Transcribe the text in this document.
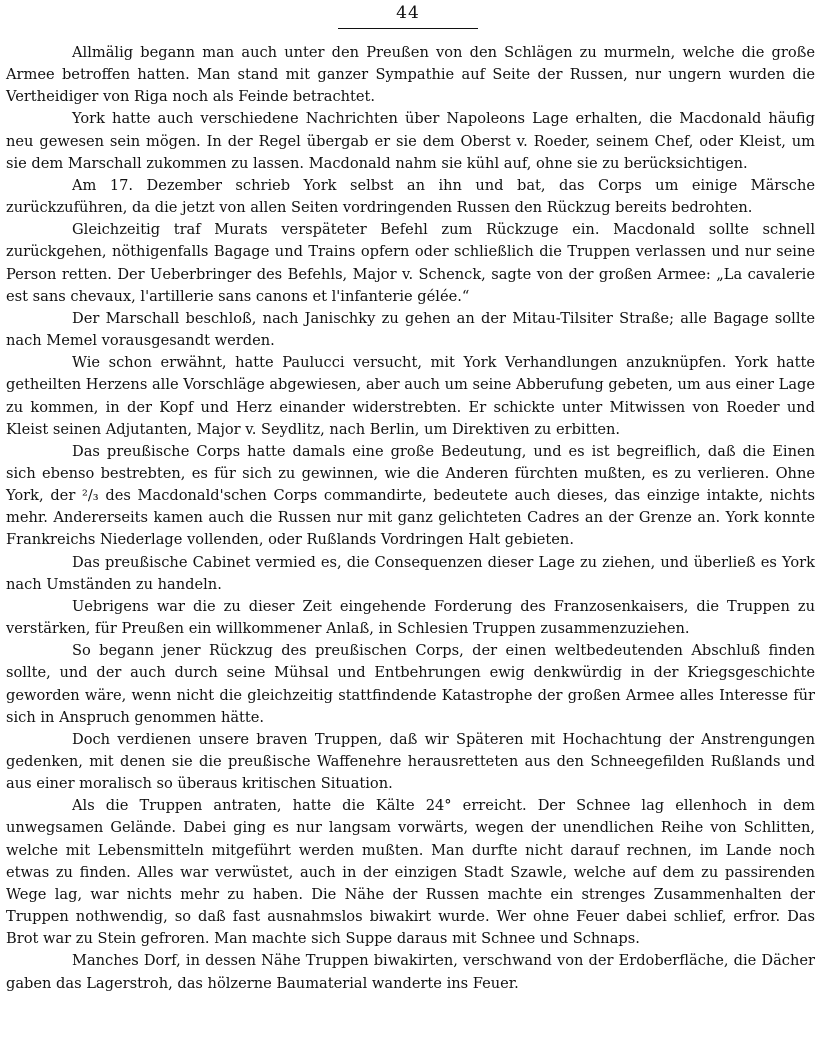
44

Allmälig begann man auch unter den Preußen von den Schlägen zu murmeln, welche die große Armee betroffen hatten. Man stand mit ganzer Sympathie auf Seite der Russen, nur ungern wurden die Vertheidiger von Riga noch als Feinde betrachtet.

York hatte auch verschiedene Nachrichten über Napoleons Lage erhalten, die Macdonald häufig neu gewesen sein mögen. In der Regel übergab er sie dem Oberst v. Roeder, seinem Chef, oder Kleist, um sie dem Marschall zukommen zu lassen. Macdonald nahm sie kühl auf, ohne sie zu berücksichtigen.

Am 17. Dezember schrieb York selbst an ihn und bat, das Corps um einige Märsche zurückzuführen, da die jetzt von allen Seiten vordringenden Russen den Rückzug bereits bedrohten.

Gleichzeitig traf Murats verspäteter Befehl zum Rückzuge ein. Macdonald sollte schnell zurückgehen, nöthigenfalls Bagage und Trains opfern oder schließlich die Truppen verlassen und nur seine Person retten. Der Ueberbringer des Befehls, Major v. Schenck, sagte von der großen Armee: „La cavalerie est sans chevaux, l'artillerie sans canons et l'infanterie gélée.“

Der Marschall beschloß, nach Janischky zu gehen an der Mitau-Tilsiter Straße; alle Bagage sollte nach Memel vorausgesandt werden.

Wie schon erwähnt, hatte Paulucci versucht, mit York Verhandlungen anzuknüpfen. York hatte getheilten Herzens alle Vorschläge abgewiesen, aber auch um seine Abberufung gebeten, um aus einer Lage zu kommen, in der Kopf und Herz einander widerstrebten. Er schickte unter Mitwissen von Roeder und Kleist seinen Adjutanten, Major v. Seydlitz, nach Berlin, um Direktiven zu erbitten.

Das preußische Corps hatte damals eine große Bedeutung, und es ist begreiflich, daß die Einen sich ebenso bestrebten, es für sich zu gewinnen, wie die Anderen fürchten mußten, es zu verlieren. Ohne York, der ²/₃ des Macdonald'schen Corps commandirte, bedeutete auch dieses, das einzige intakte, nichts mehr. Andererseits kamen auch die Russen nur mit ganz gelichteten Cadres an der Grenze an. York konnte Frankreichs Niederlage vollenden, oder Rußlands Vordringen Halt gebieten.

Das preußische Cabinet vermied es, die Consequenzen dieser Lage zu ziehen, und überließ es York nach Umständen zu handeln.

Uebrigens war die zu dieser Zeit eingehende Forderung des Franzosenkaisers, die Truppen zu verstärken, für Preußen ein willkommener Anlaß, in Schlesien Truppen zusammenzuziehen.

So begann jener Rückzug des preußischen Corps, der einen weltbedeutenden Abschluß finden sollte, und der auch durch seine Mühsal und Entbehrungen ewig denkwürdig in der Kriegsgeschichte geworden wäre, wenn nicht die gleichzeitig stattfindende Katastrophe der großen Armee alles Interesse für sich in Anspruch genommen hätte.

Doch verdienen unsere braven Truppen, daß wir Späteren mit Hochachtung der Anstrengungen gedenken, mit denen sie die preußische Waffenehre herausretteten aus den Schneegefilden Rußlands und aus einer moralisch so überaus kritischen Situation.

Als die Truppen antraten, hatte die Kälte 24° erreicht. Der Schnee lag ellenhoch in dem unwegsamen Gelände. Dabei ging es nur langsam vorwärts, wegen der unendlichen Reihe von Schlitten, welche mit Lebensmitteln mitgeführt werden mußten. Man durfte nicht darauf rechnen, im Lande noch etwas zu finden. Alles war verwüstet, auch in der einzigen Stadt Szawle, welche auf dem zu passirenden Wege lag, war nichts mehr zu haben. Die Nähe der Russen machte ein strenges Zusammenhalten der Truppen nothwendig, so daß fast ausnahmslos biwakirt wurde. Wer ohne Feuer dabei schlief, erfror. Das Brot war zu Stein gefroren. Man machte sich Suppe daraus mit Schnee und Schnaps.

Manches Dorf, in dessen Nähe Truppen biwakirten, verschwand von der Erdoberfläche, die Dächer gaben das Lagerstroh, das hölzerne Baumaterial wanderte ins Feuer.
